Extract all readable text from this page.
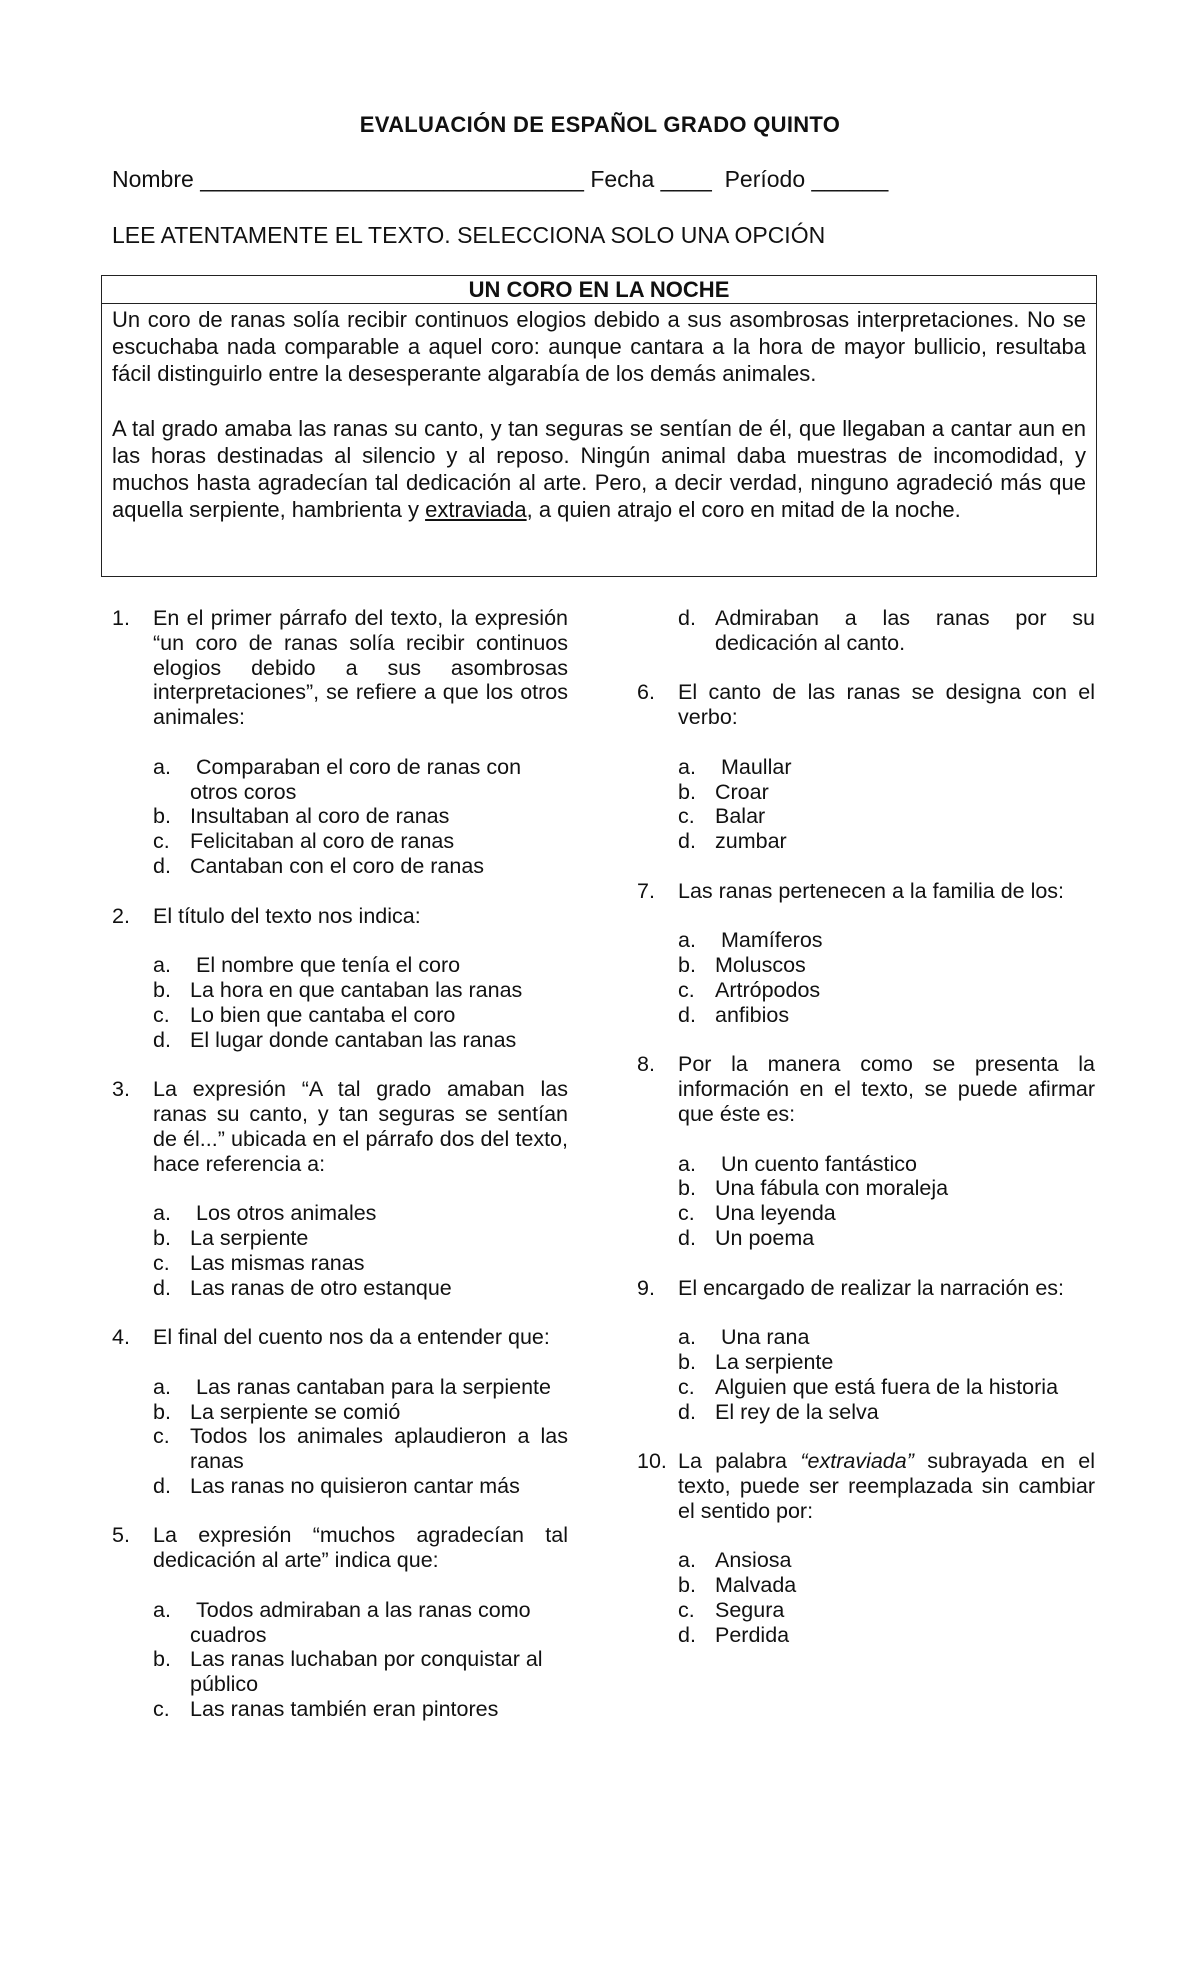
EVALUACIÓN DE ESPAÑOL GRADO QUINTO
Nombre ______________________________ Fecha ____  Período ______
LEE ATENTAMENTE EL TEXTO. SELECCIONA SOLO UNA OPCIÓN
UN CORO EN LA NOCHE

Un coro de ranas solía recibir continuos elogios debido a sus asombrosas interpretaciones. No se escuchaba nada comparable a aquel coro: aunque cantara a la hora de mayor bullicio, resultaba fácil distinguirlo entre la desesperante algarabía de los demás animales.

A tal grado amaba las ranas su canto, y tan seguras se sentían de él, que llegaban a cantar aun en las horas destinadas al silencio y al reposo. Ningún animal daba muestras de incomodidad, y muchos hasta agradecían tal dedicación al arte. Pero, a decir verdad, ninguno agradeció más que aquella serpiente, hambrienta y extraviada, a quien atrajo el coro en mitad de la noche.

1. En el primer párrafo del texto, la expresión “un coro de ranas solía recibir continuos elogios debido a sus asombrosas interpretaciones”, se refiere a que los otros animales:
a. Comparaban el coro de ranas con otros coros
b. Insultaban al coro de ranas
c. Felicitaban al coro de ranas
d. Cantaban con el coro de ranas
2. El título del texto nos indica:
a. El nombre que tenía el coro
b. La hora en que cantaban las ranas
c. Lo bien que cantaba el coro
d. El lugar donde cantaban las ranas
3. La expresión “A tal grado amaban las ranas su canto, y tan seguras se sentían de él...” ubicada en el párrafo dos del texto, hace referencia a:
a. Los otros animales
b. La serpiente
c. Las mismas ranas
d. Las ranas de otro estanque
4. El final del cuento nos da a entender que:
a. Las ranas cantaban para la serpiente
b. La serpiente se comió
c. Todos los animales aplaudieron a las ranas
d. Las ranas no quisieron cantar más
5. La expresión “muchos agradecían tal dedicación al arte” indica que:
a. Todos admiraban a las ranas como cuadros
b. Las ranas luchaban por conquistar al público
c. Las ranas también eran pintores
d. Admiraban a las ranas por su dedicación al canto.
6. El canto de las ranas se designa con el verbo:
a. Maullar
b. Croar
c. Balar
d. zumbar
7. Las ranas pertenecen a la familia de los:
a. Mamíferos
b. Moluscos
c. Artrópodos
d. anfibios
8. Por la manera como se presenta la información en el texto, se puede afirmar que éste es:
a. Un cuento fantástico
b. Una fábula con moraleja
c. Una leyenda
d. Un poema
9. El encargado de realizar la narración es:
a. Una rana
b. La serpiente
c. Alguien que está fuera de la historia
d. El rey de la selva
10. La palabra “extraviada” subrayada en el texto, puede ser reemplazada sin cambiar el sentido por:
a. Ansiosa
b. Malvada
c. Segura
d. Perdida
